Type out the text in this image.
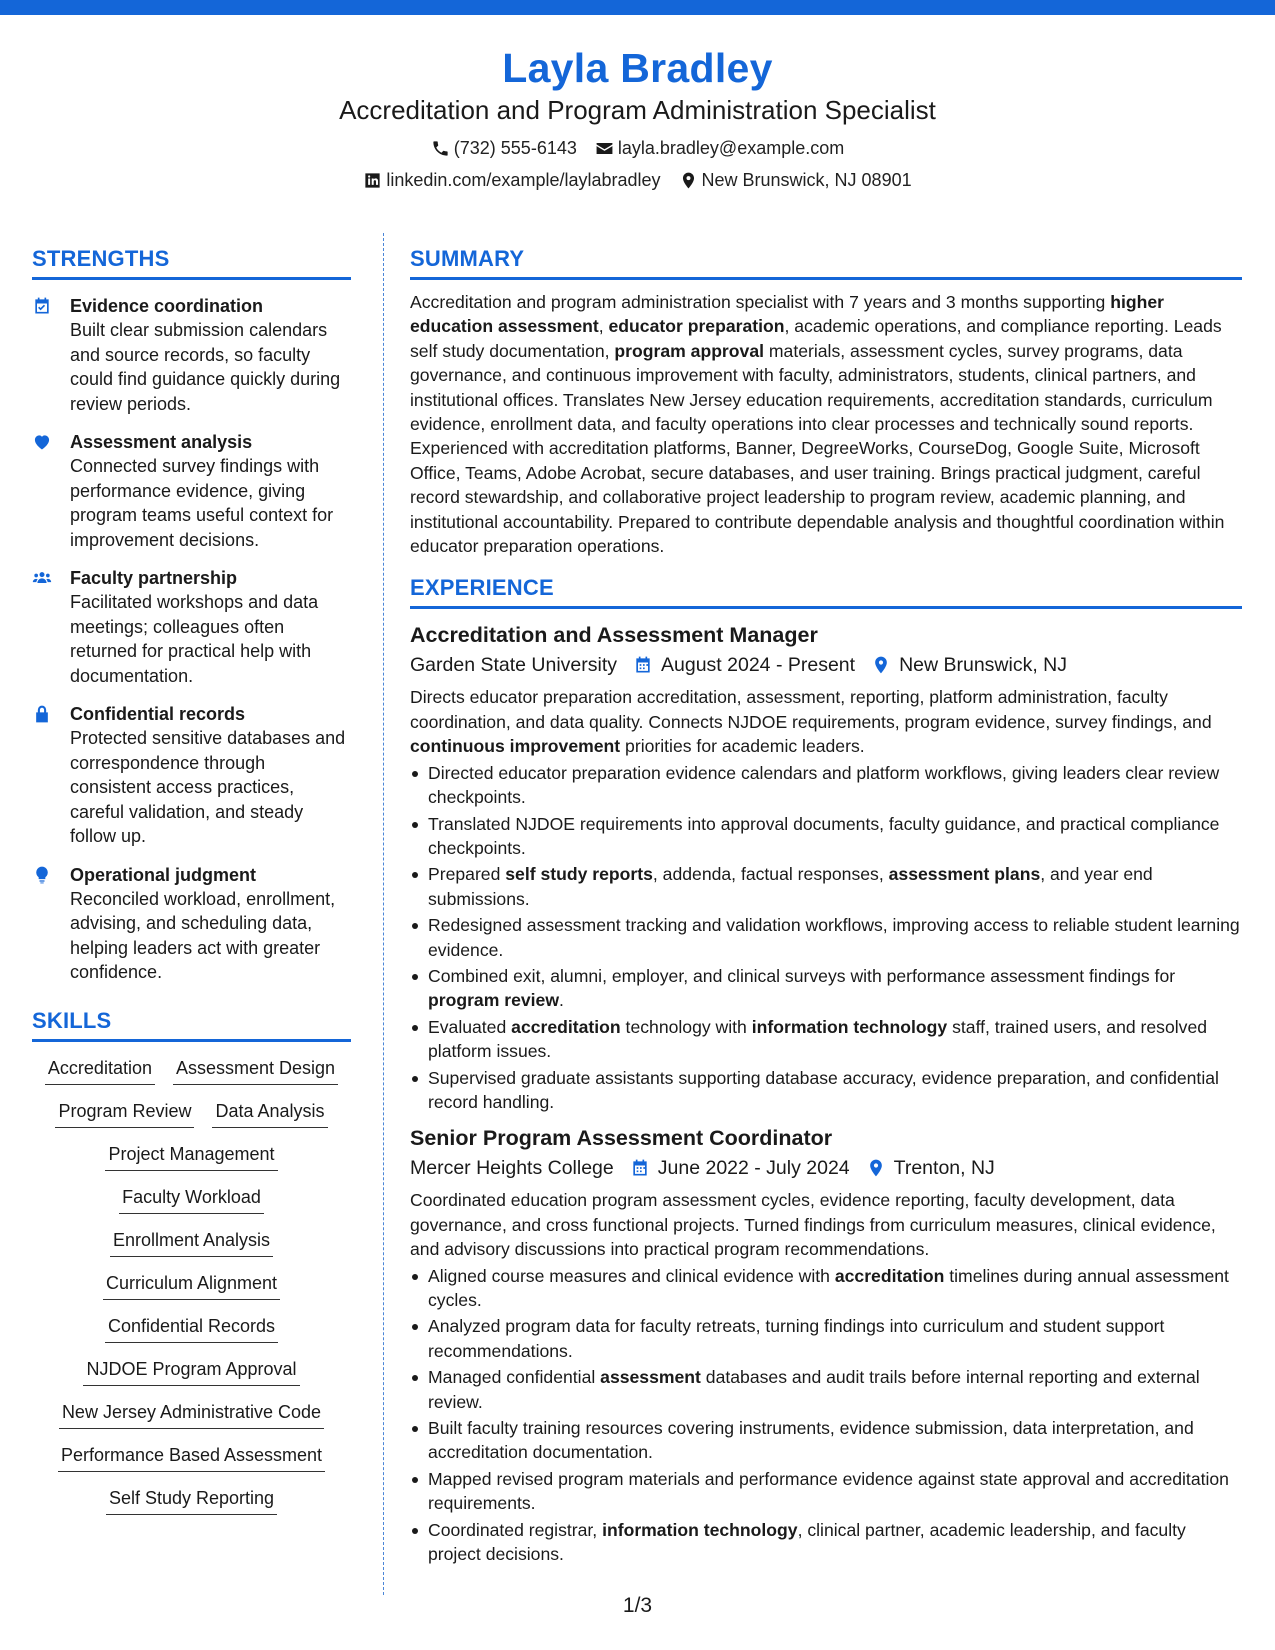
Layla Bradley
Accreditation and Program Administration Specialist
(732) 555-6143 layla.bradley@example.com
linkedin.com/example/laylabradley New Brunswick, NJ 08901
STRENGTHS
Evidence coordination
Built clear submission calendars and source records, so faculty could find guidance quickly during review periods.
Assessment analysis
Connected survey findings with performance evidence, giving program teams useful context for improvement decisions.
Faculty partnership
Facilitated workshops and data meetings; colleagues often returned for practical help with documentation.
Confidential records
Protected sensitive databases and correspondence through consistent access practices, careful validation, and steady follow up.
Operational judgment
Reconciled workload, enrollment, advising, and scheduling data, helping leaders act with greater confidence.
SKILLS
Accreditation Assessment Design
Program Review Data Analysis
Project Management
Faculty Workload
Enrollment Analysis
Curriculum Alignment
Confidential Records
NJDOE Program Approval
New Jersey Administrative Code
Performance Based Assessment
Self Study Reporting
SUMMARY
Accreditation and program administration specialist with 7 years and 3 months supporting higher education assessment, educator preparation, academic operations, and compliance reporting. Leads self study documentation, program approval materials, assessment cycles, survey programs, data governance, and continuous improvement with faculty, administrators, students, clinical partners, and institutional offices. Translates New Jersey education requirements, accreditation standards, curriculum evidence, enrollment data, and faculty operations into clear processes and technically sound reports. Experienced with accreditation platforms, Banner, DegreeWorks, CourseDog, Google Suite, Microsoft Office, Teams, Adobe Acrobat, secure databases, and user training. Brings practical judgment, careful record stewardship, and collaborative project leadership to program review, academic planning, and institutional accountability. Prepared to contribute dependable analysis and thoughtful coordination within educator preparation operations.
EXPERIENCE
Accreditation and Assessment Manager
Garden State University August 2024 - Present New Brunswick, NJ
Directs educator preparation accreditation, assessment, reporting, platform administration, faculty coordination, and data quality. Connects NJDOE requirements, program evidence, survey findings, and continuous improvement priorities for academic leaders.
Directed educator preparation evidence calendars and platform workflows, giving leaders clear review checkpoints.
Translated NJDOE requirements into approval documents, faculty guidance, and practical compliance checkpoints.
Prepared self study reports, addenda, factual responses, assessment plans, and year end submissions.
Redesigned assessment tracking and validation workflows, improving access to reliable student learning evidence.
Combined exit, alumni, employer, and clinical surveys with performance assessment findings for program review.
Evaluated accreditation technology with information technology staff, trained users, and resolved platform issues.
Supervised graduate assistants supporting database accuracy, evidence preparation, and confidential record handling.
Senior Program Assessment Coordinator
Mercer Heights College June 2022 - July 2024 Trenton, NJ
Coordinated education program assessment cycles, evidence reporting, faculty development, data governance, and cross functional projects. Turned findings from curriculum measures, clinical evidence, and advisory discussions into practical program recommendations.
Aligned course measures and clinical evidence with accreditation timelines during annual assessment cycles.
Analyzed program data for faculty retreats, turning findings into curriculum and student support recommendations.
Managed confidential assessment databases and audit trails before internal reporting and external review.
Built faculty training resources covering instruments, evidence submission, data interpretation, and accreditation documentation.
Mapped revised program materials and performance evidence against state approval and accreditation requirements.
Coordinated registrar, information technology, clinical partner, academic leadership, and faculty project decisions.
1/3
